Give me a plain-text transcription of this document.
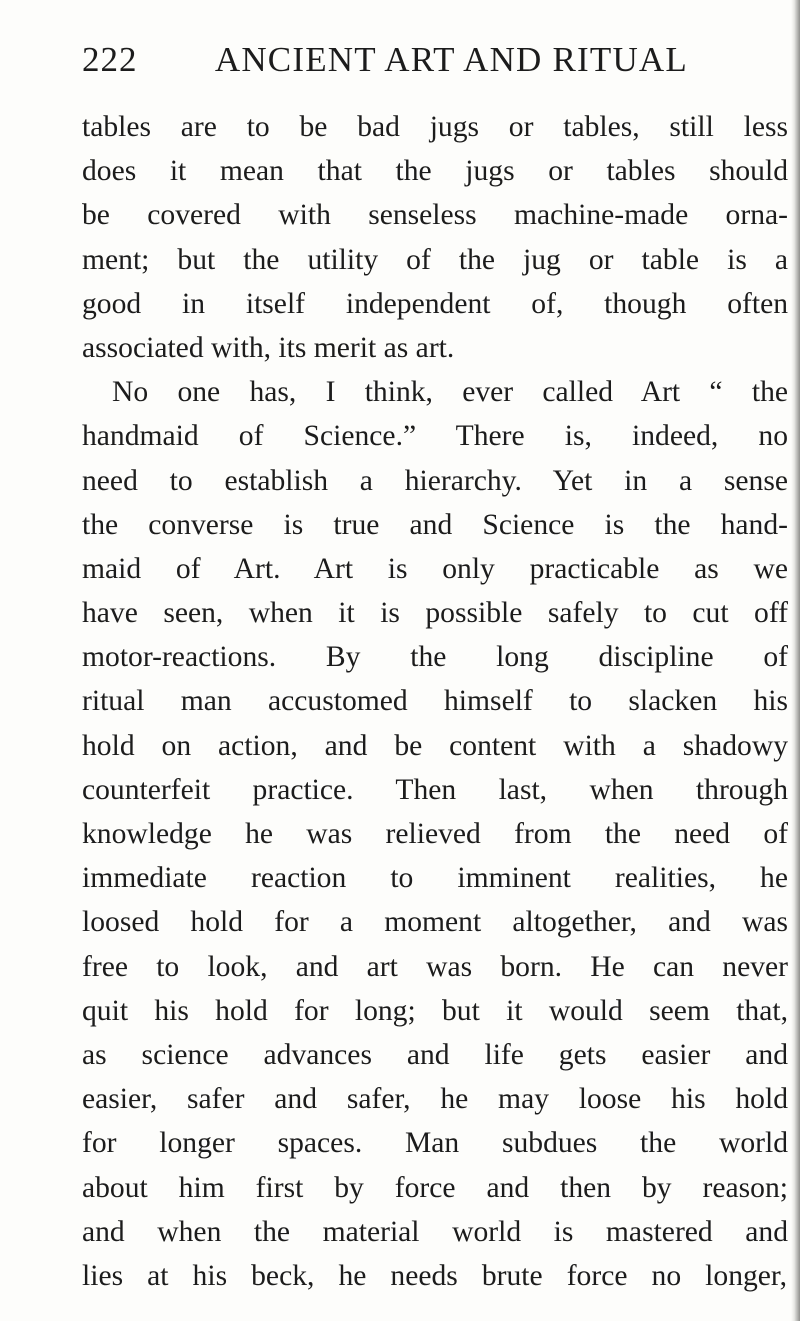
222 ANCIENT ART AND RITUAL
tables are to be bad jugs or tables, still less
does it mean that the jugs or tables should
be covered with senseless machine-made orna-
ment; but the utility of the jug or table is a
good in itself independent of, though often
associated with, its merit as art.
No one has, I think, ever called Art “ the
handmaid of Science.” There is, indeed, no
need to establish a hierarchy. Yet in a sense
the converse is true and Science is the hand-
maid of Art. Art is only practicable as we
have seen, when it is possible safely to cut off
motor-reactions. By the long discipline of
ritual man accustomed himself to slacken his
hold on action, and be content with a shadowy
counterfeit practice. Then last, when through
knowledge he was relieved from the need of
immediate reaction to imminent realities, he
loosed hold for a moment altogether, and was
free to look, and art was born. He can never
quit his hold for long; but it would seem that,
as science advances and life gets easier and
easier, safer and safer, he may loose his hold
for longer spaces. Man subdues the world
about him first by force and then by reason;
and when the material world is mastered and
lies at his beck, he needs brute force no longer,
